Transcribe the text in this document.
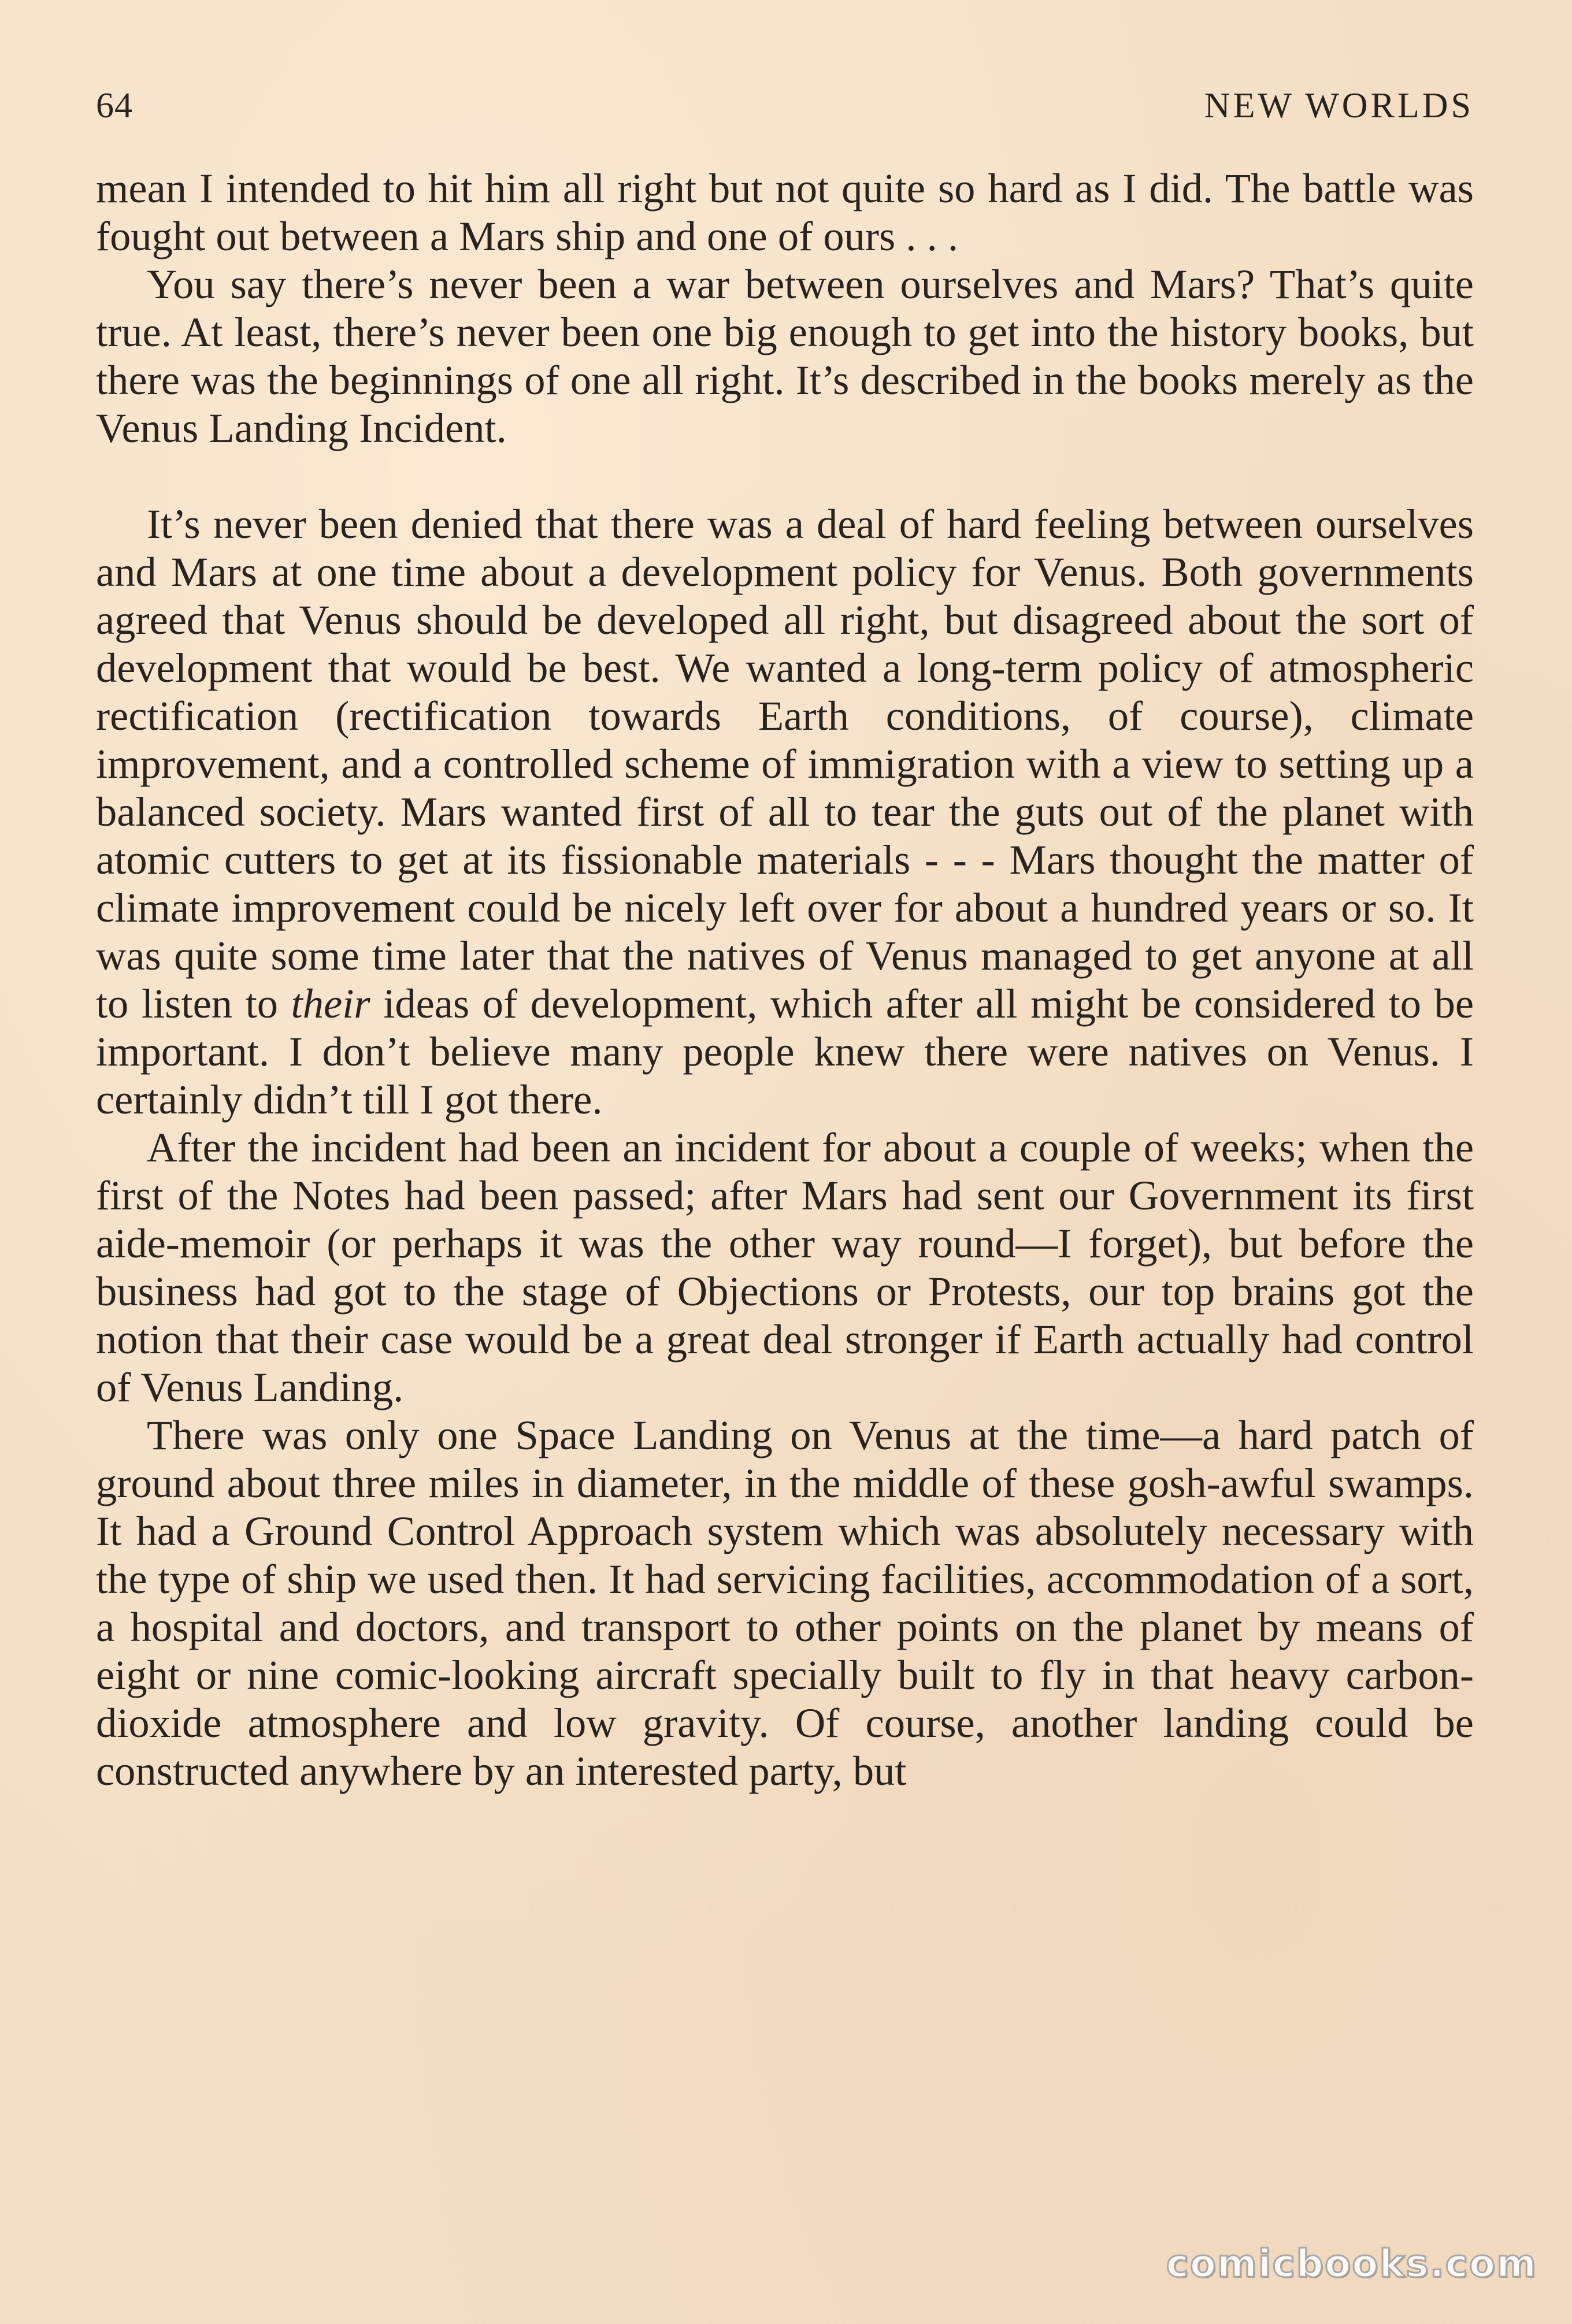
64	NEW WORLDS

mean I intended to hit him all right but not quite so hard as I did. The battle was fought out between a Mars ship and one of ours . . .

You say there’s never been a war between ourselves and Mars? That’s quite true. At least, there’s never been one big enough to get into the history books, but there was the beginnings of one all right. It’s described in the books merely as the Venus Landing Incident.

It’s never been denied that there was a deal of hard feeling between ourselves and Mars at one time about a development policy for Venus. Both governments agreed that Venus should be developed all right, but disagreed about the sort of development that would be best. We wanted a long-term policy of atmospheric rectification (rectification towards Earth conditions, of course), climate improvement, and a controlled scheme of immigration with a view to setting up a balanced society. Mars wanted first of all to tear the guts out of the planet with atomic cutters to get at its fissionable materials - - - Mars thought the matter of climate improvement could be nicely left over for about a hundred years or so. It was quite some time later that the natives of Venus managed to get anyone at all to listen to their ideas of development, which after all might be considered to be important. I don’t believe many people knew there were natives on Venus. I certainly didn’t till I got there.

After the incident had been an incident for about a couple of weeks; when the first of the Notes had been passed; after Mars had sent our Government its first aide-memoir (or perhaps it was the other way round—I forget), but before the business had got to the stage of Objections or Protests, our top brains got the notion that their case would be a great deal stronger if Earth actually had control of Venus Landing.

There was only one Space Landing on Venus at the time—a hard patch of ground about three miles in diameter, in the middle of these gosh-awful swamps. It had a Ground Control Approach system which was absolutely necessary with the type of ship we used then. It had servicing facilities, accommodation of a sort, a hospital and doctors, and transport to other points on the planet by means of eight or nine comic-looking aircraft specially built to fly in that heavy carbon-dioxide atmosphere and low gravity. Of course, another landing could be constructed anywhere by an interested party, but

comicbooks.com
